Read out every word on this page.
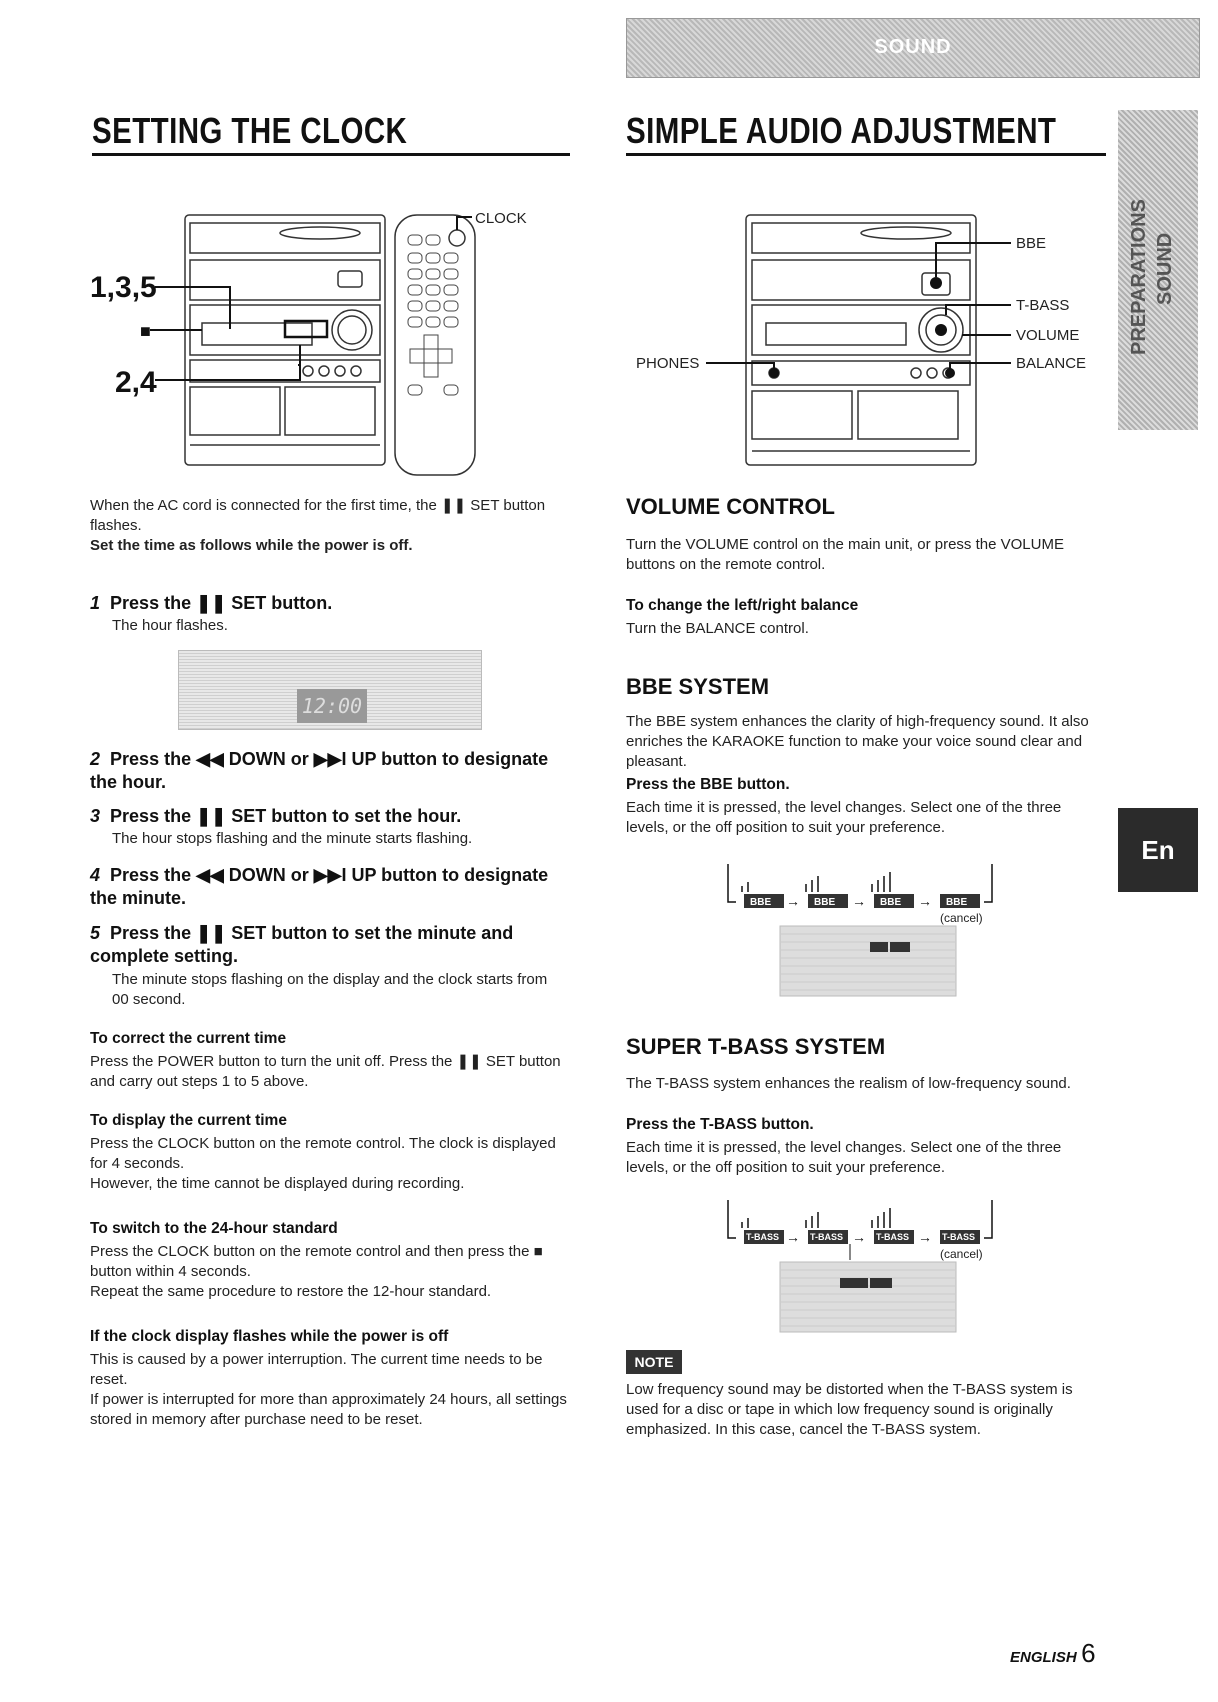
SOUND
SETTING THE CLOCK	SIMPLE AUDIO ADJUSTMENT
PREPARATIONS SOUND
En
1,3,5
■
2,4
CLOCK
When the AC cord is connected for the first time, the ❚❚ SET button flashes.
Set the time as follows while the power is off.
1 Press the ❚❚ SET button.
The hour flashes.
12:00
2 Press the ◀◀ DOWN or ▶▶I UP button to designate the hour.
3 Press the ❚❚ SET button to set the hour.
The hour stops flashing and the minute starts flashing.
4 Press the ◀◀ DOWN or ▶▶I UP button to designate the minute.
5 Press the ❚❚ SET button to set the minute and complete setting.
The minute stops flashing on the display and the clock starts from 00 second.
To correct the current time
Press the POWER button to turn the unit off. Press the ❚❚ SET button and carry out steps 1 to 5 above.
To display the current time
Press the CLOCK button on the remote control. The clock is displayed for 4 seconds.
However, the time cannot be displayed during recording.
To switch to the 24-hour standard
Press the CLOCK button on the remote control and then press the ■ button within 4 seconds.
Repeat the same procedure to restore the 12-hour standard.
If the clock display flashes while the power is off
This is caused by a power interruption. The current time needs to be reset.
If power is interrupted for more than approximately 24 hours, all settings stored in memory after purchase need to be reset.
BBE
T-BASS
VOLUME
BALANCE
PHONES
VOLUME CONTROL
Turn the VOLUME control on the main unit, or press the VOLUME buttons on the remote control.
To change the left/right balance
Turn the BALANCE control.
BBE SYSTEM
The BBE system enhances the clarity of high-frequency sound. It also enriches the KARAOKE function to make your voice sound clear and pleasant.
Press the BBE button.
Each time it is pressed, the level changes. Select one of the three levels, or the off position to suit your preference.
BBE	BBE	BBE	BBE
→	→	→
(cancel)
SUPER T-BASS SYSTEM
The T-BASS system enhances the realism of low-frequency sound.
Press the T-BASS button.
Each time it is pressed, the level changes. Select one of the three levels, or the off position to suit your preference.
T-BASS	T-BASS	T-BASS	T-BASS
→	→	→
(cancel)
NOTE
Low frequency sound may be distorted when the T-BASS system is used for a disc or tape in which low frequency sound is originally emphasized. In this case, cancel the T-BASS system.
ENGLISH 6
